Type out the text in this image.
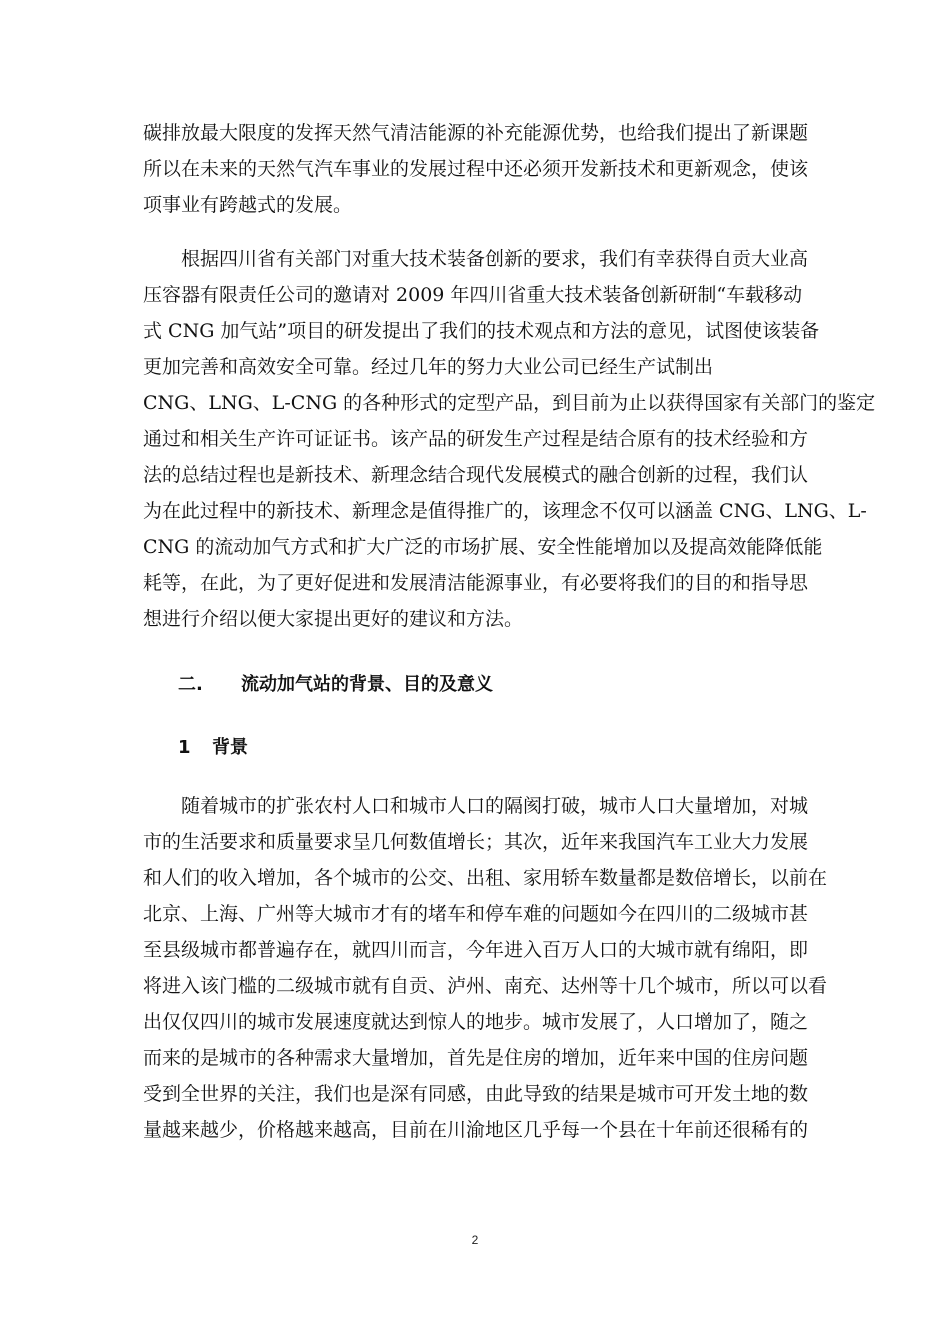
碳排放最大限度的发挥天然气清洁能源的补充能源优势，也给我们提出了新课题
所以在未来的天然气汽车事业的发展过程中还必须开发新技术和更新观念，使该
项事业有跨越式的发展。
根据四川省有关部门对重大技术装备创新的要求，我们有幸获得自贡大业高
压容器有限责任公司的邀请对 2009 年四川省重大技术装备创新研制“车载移动
式 CNG 加气站”项目的研发提出了我们的技术观点和方法的意见，试图使该装备
更加完善和高效安全可靠。经过几年的努力大业公司已经生产试制出
CNG、LNG、L-CNG 的各种形式的定型产品，到目前为止以获得国家有关部门的鉴定
通过和相关生产许可证证书。该产品的研发生产过程是结合原有的技术经验和方
法的总结过程也是新技术、新理念结合现代发展模式的融合创新的过程，我们认
为在此过程中的新技术、新理念是值得推广的，该理念不仅可以涵盖 CNG、LNG、L-
CNG 的流动加气方式和扩大广泛的市场扩展、安全性能增加以及提高效能降低能
耗等，在此，为了更好促进和发展清洁能源事业，有必要将我们的目的和指导思
想进行介绍以便大家提出更好的建议和方法。
二. 流动加气站的背景、目的及意义
1 背景
随着城市的扩张农村人口和城市人口的隔阂打破，城市人口大量增加，对城
市的生活要求和质量要求呈几何数值增长；其次，近年来我国汽车工业大力发展
和人们的收入增加，各个城市的公交、出租、家用轿车数量都是数倍增长，以前在
北京、上海、广州等大城市才有的堵车和停车难的问题如今在四川的二级城市甚
至县级城市都普遍存在，就四川而言，今年进入百万人口的大城市就有绵阳，即
将进入该门槛的二级城市就有自贡、泸州、南充、达州等十几个城市，所以可以看
出仅仅四川的城市发展速度就达到惊人的地步。城市发展了，人口增加了，随之
而来的是城市的各种需求大量增加，首先是住房的增加，近年来中国的住房问题
受到全世界的关注，我们也是深有同感，由此导致的结果是城市可开发土地的数
量越来越少，价格越来越高，目前在川渝地区几乎每一个县在十年前还很稀有的
2
